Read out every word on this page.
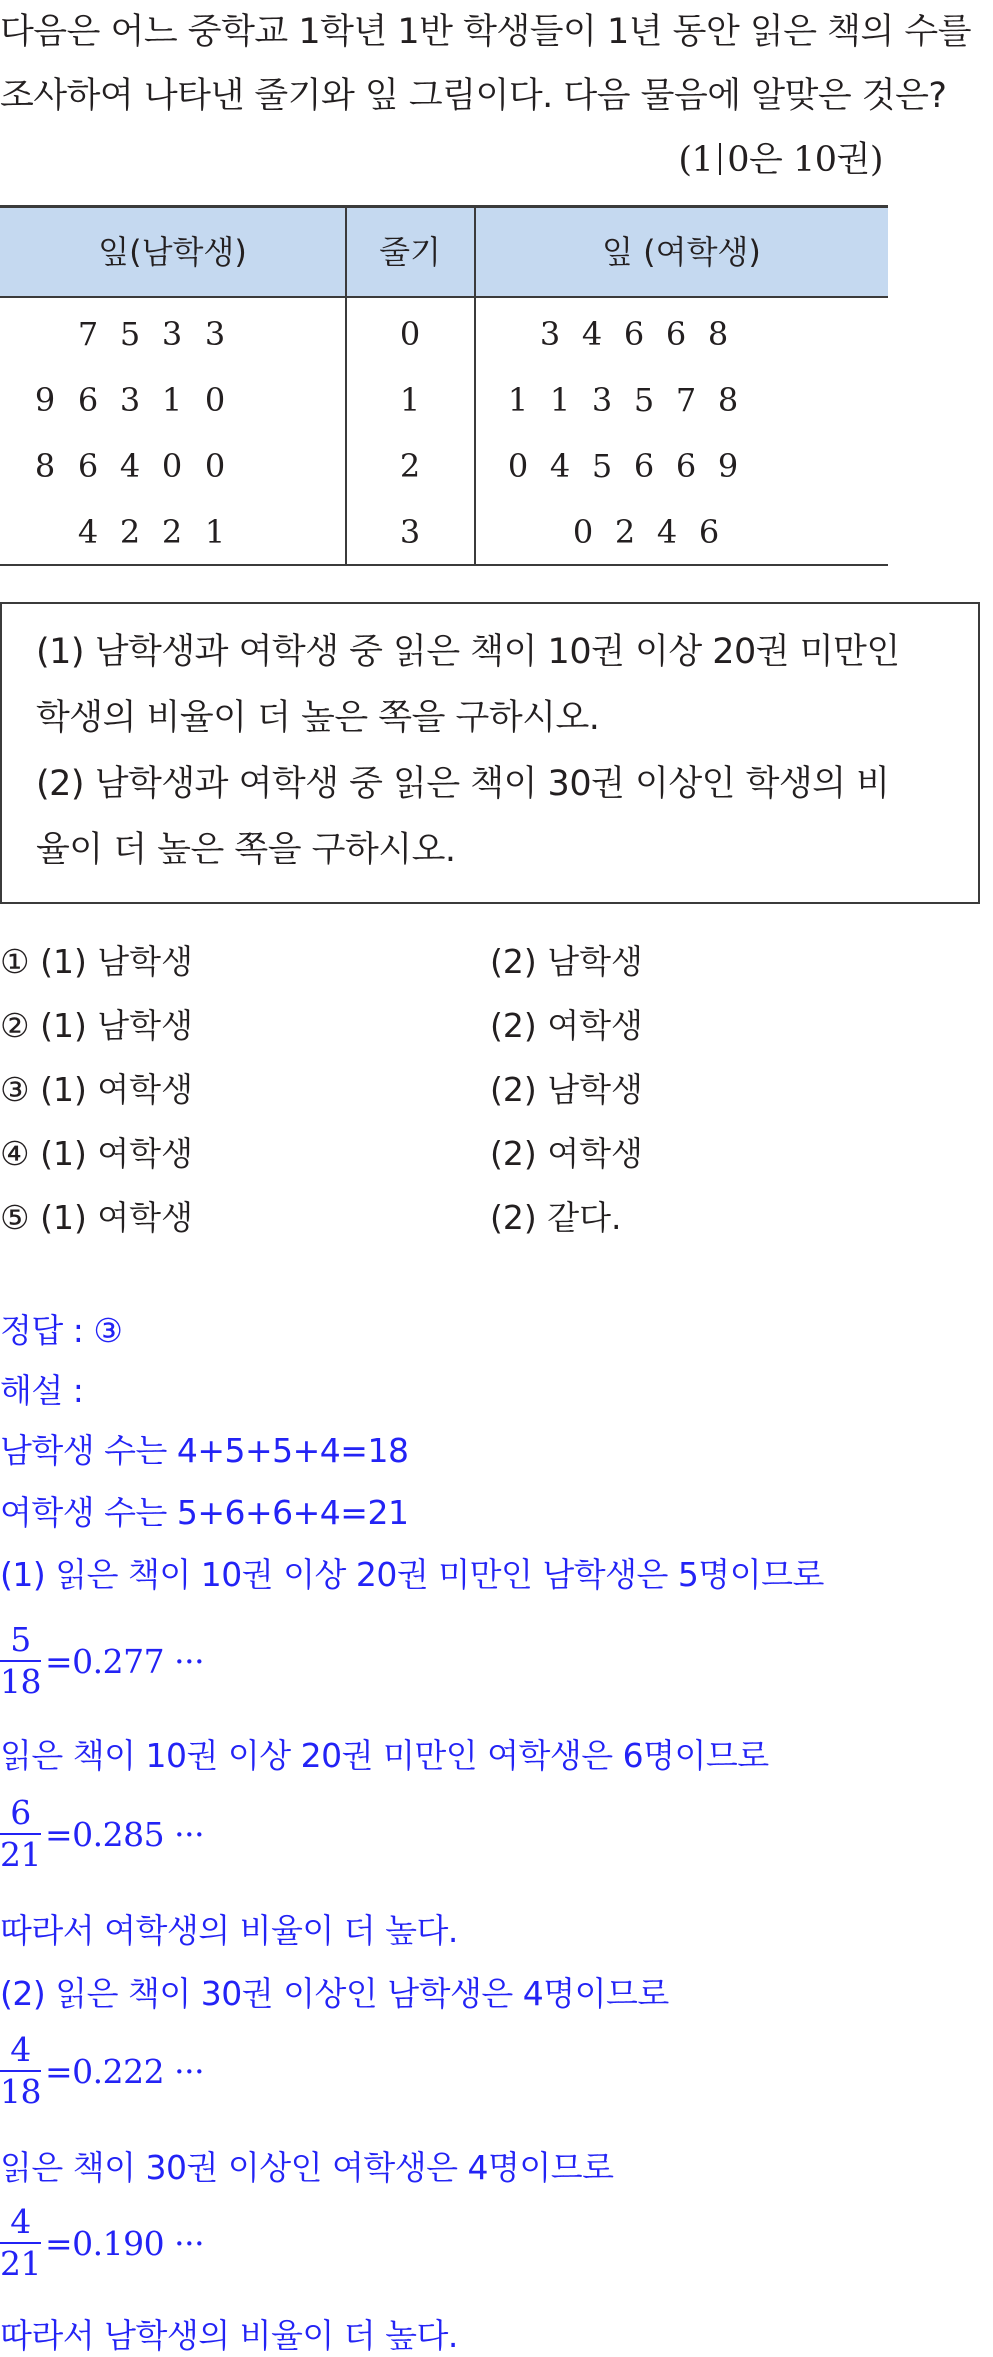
다음은 어느 중학교 1학년 1반 학생들이 1년 동안 읽은 책의 수를
조사하여 나타낸 줄기와 잎 그림이다. 다음 물음에 알맞은 것은?
(1 0은 10권)
잎(남학생)	줄기	잎 (여학생)
7 5 3 3	0	3 4 6 6 8
9 6 3 1 0	1	1 1 3 5 7 8
8 6 4 0 0	2	0 4 5 6 6 9
4 2 2 1	3	0 2 4 6
(1) 남학생과 여학생 중 읽은 책이 10권 이상 20권 미만인
학생의 비율이 더 높은 쪽을 구하시오.
(2) 남학생과 여학생 중 읽은 책이 30권 이상인 학생의 비
율이 더 높은 쪽을 구하시오.
① (1) 남학생	(2) 남학생
② (1) 남학생	(2) 여학생
③ (1) 여학생	(2) 남학생
④ (1) 여학생	(2) 여학생
⑤ (1) 여학생	(2) 같다.
정답 : ③
해설 :
남학생 수는 4+5+5+4=18
여학생 수는 5+6+6+4=21
(1) 읽은 책이 10권 이상 20권 미만인 남학생은 5명이므로
$\frac{5}{18} =0.277$ ···
읽은 책이 10권 이상 20권 미만인 여학생은 6명이므로
$\frac{6}{21} =0.285$ ···
따라서 여학생의 비율이 더 높다.
(2) 읽은 책이 30권 이상인 남학생은 4명이므로
$\frac{4}{18} =0.222$ ···
읽은 책이 30권 이상인 여학생은 4명이므로
$\frac{4}{21} =0.190$ ···
따라서 남학생의 비율이 더 높다.
